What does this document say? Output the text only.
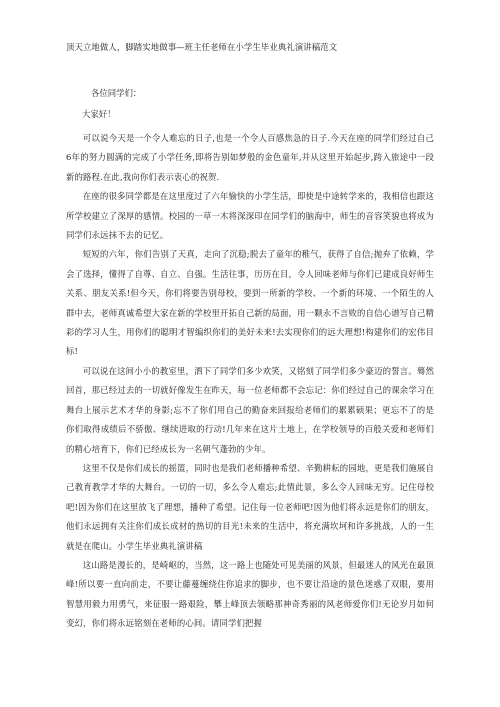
顶天立地做人，脚踏实地做事—班主任老师在小学生毕业典礼演讲稿范文
各位同学们：
大家好！

可以说今天是一个令人难忘的日子,也是一个令人百感焦急的日子.今天在座的同学们经过自己6年的努力圆满的完成了小学任务,即将告别如梦般的金色童年,并从这里开始起步,跨入旅途中一段新的路程.在此,我向你们表示衷心的祝贺.

在座的很多同学都是在这里度过了六年愉快的小学生活，即使是中途转学来的，我相信也跟这所学校建立了深厚的感情。校园的一草一木将深深印在同学们的脑海中，师生的音容笑貌也将成为同学们永远抹不去的记忆。

短短的六年，你们告别了天真，走向了沉稳;脱去了童年的稚气，获得了自信;抛弃了依赖，学会了选择，懂得了自尊、自立、自强。生活往事，历历在目，令人回味老师与你们已建成良好师生关系、朋友关系!但今天，你们将要告别母校，要到一所新的学校、一个新的环境、一个陌生的人群中去，老师真诚希望大家在新的学校里开拓自己新的局面，用一颗永不言败的自信心谱写自己精彩的学习人生，用你们的聪明才智编织你们的美好未来!去实现你们的远大理想!构建你们的宏伟目标!

可以说在这间小小的教室里，洒下了同学们多少欢笑，又铭刻了同学们多少豪迈的誓言。蓦然回首，那已经过去的一切就好像发生在昨天，每一位老师都不会忘记：你们经过自己的课余学习在舞台上展示艺术才华的身影;忘不了你们用自己的勤奋来回报给老师们的累累硕果；更忘不了的是你们取得成绩后不骄傲、继续进取的行动!几年来在这片土地上，在学校领导的百般关爱和老师们的精心培育下，你们已经成长为一名朝气蓬勃的少年。

这里不仅是你们成长的摇篮，同时也是我们老师播种希望、辛勤耕耘的园地，更是我们施展自己教育教学才华的大舞台。一切的一切，多么令人难忘;此情此景，多么令人回味无穷。记住母校吧!因为你们在这里放飞了理想，播种了希望。记住每一位老师吧!因为他们将永远是你们的朋友，他们永远拥有关注你们成长成材的热切的目光!未来的生活中，将充满坎坷和许多挑战，人的一生就是在爬山。小学生毕业典礼演讲稿

这山路是漫长的，是崎岖的，当然，这一路上也随处可见美丽的风景，但最迷人的风光在最顶峰!所以要一直向前走，不要让藤蔓缠绕住你追求的脚步，也不要让沿途的景色迷惑了双眼，要用智慧用毅力用勇气，来征服一路艰险，攀上峰顶去领略那神奇秀丽的风老师爱你们!无论岁月如何变幻，你们将永远铭刻在老师的心间。请同学们把握
